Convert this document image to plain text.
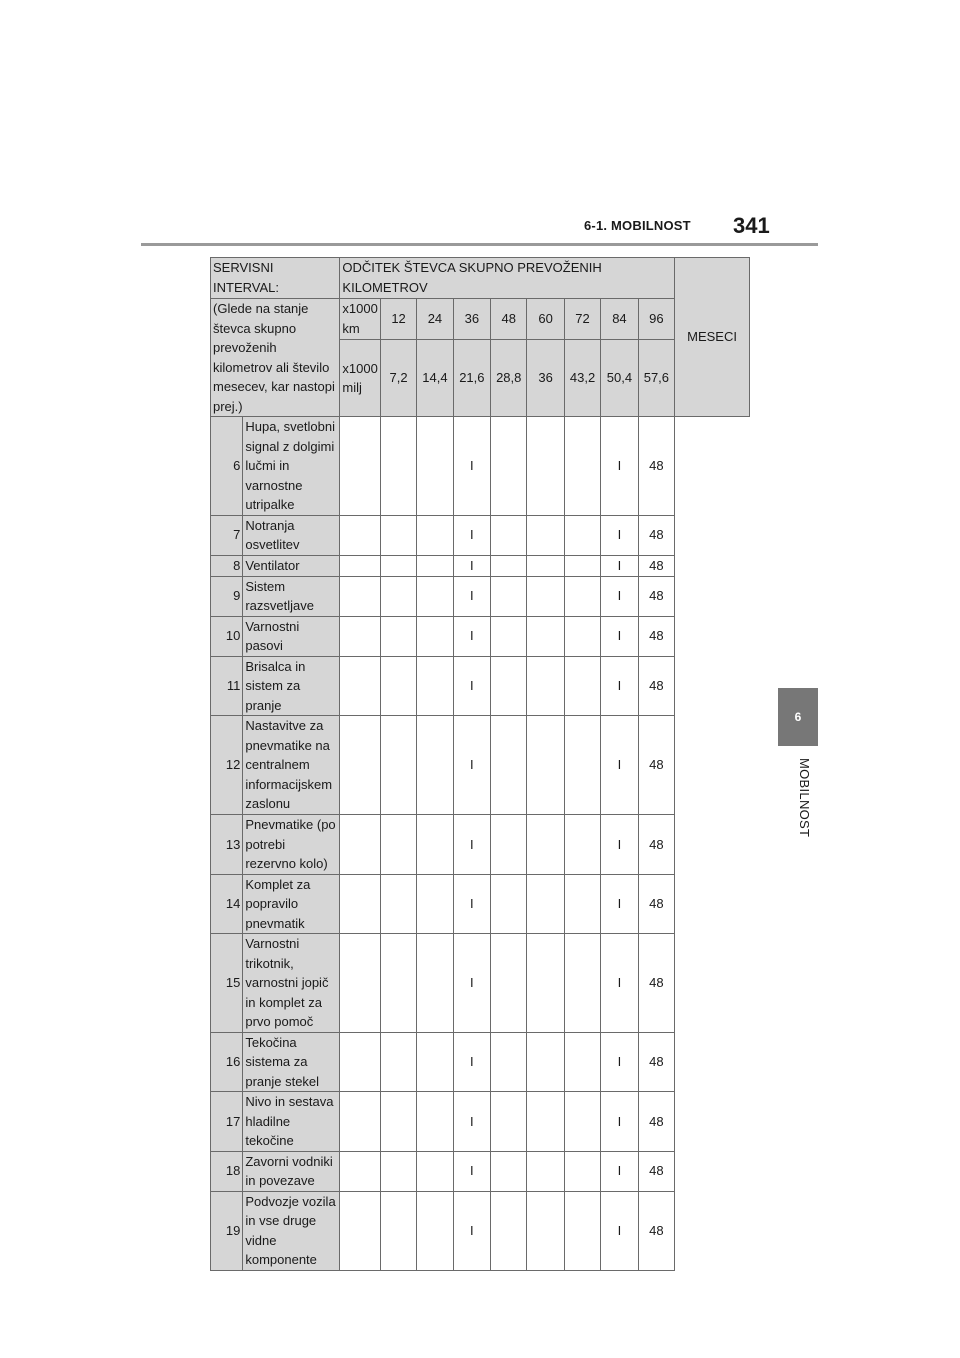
6-1. MOBILNOST 341
6
MOBILNOST
SERVISNI INTERVAL:		ODČITEK ŠTEVCA SKUPNO PREVOŽENIH KILOMETROV									MESECI
(Glede na stanje števca skupno prevoženih kilometrov ali število mesecev, kar nastopi prej.)		x1000 km	12	24	36	48	60	72	84	96	
		x1000 milj	7,2	14,4	21,6	28,8	36	43,2	50,4	57,6	
6	Hupa, svetlobni signal z dolgimi lučmi in varnostne utripalke				I				I	48	
7	Notranja osvetlitev				I				I	48	
8	Ventilator				I				I	48	
9	Sistem razsvetljave				I				I	48	
10	Varnostni pasovi				I				I	48	
11	Brisalca in sistem za pranje				I				I	48	
12	Nastavitve za pnevmatike na centralnem informacijskem zaslonu				I				I	48	
13	Pnevmatike (po potrebi rezervno kolo)				I				I	48	
14	Komplet za popravilo pnevmatik				I				I	48	
15	Varnostni trikotnik, varnostni jopič in komplet za prvo pomoč				I				I	48	
16	Tekočina sistema za pranje stekel				I				I	48	
17	Nivo in sestava hladilne tekočine				I				I	48	
18	Zavorni vodniki in povezave				I				I	48	
19	Podvozje vozila in vse druge vidne komponente				I				I	48	
